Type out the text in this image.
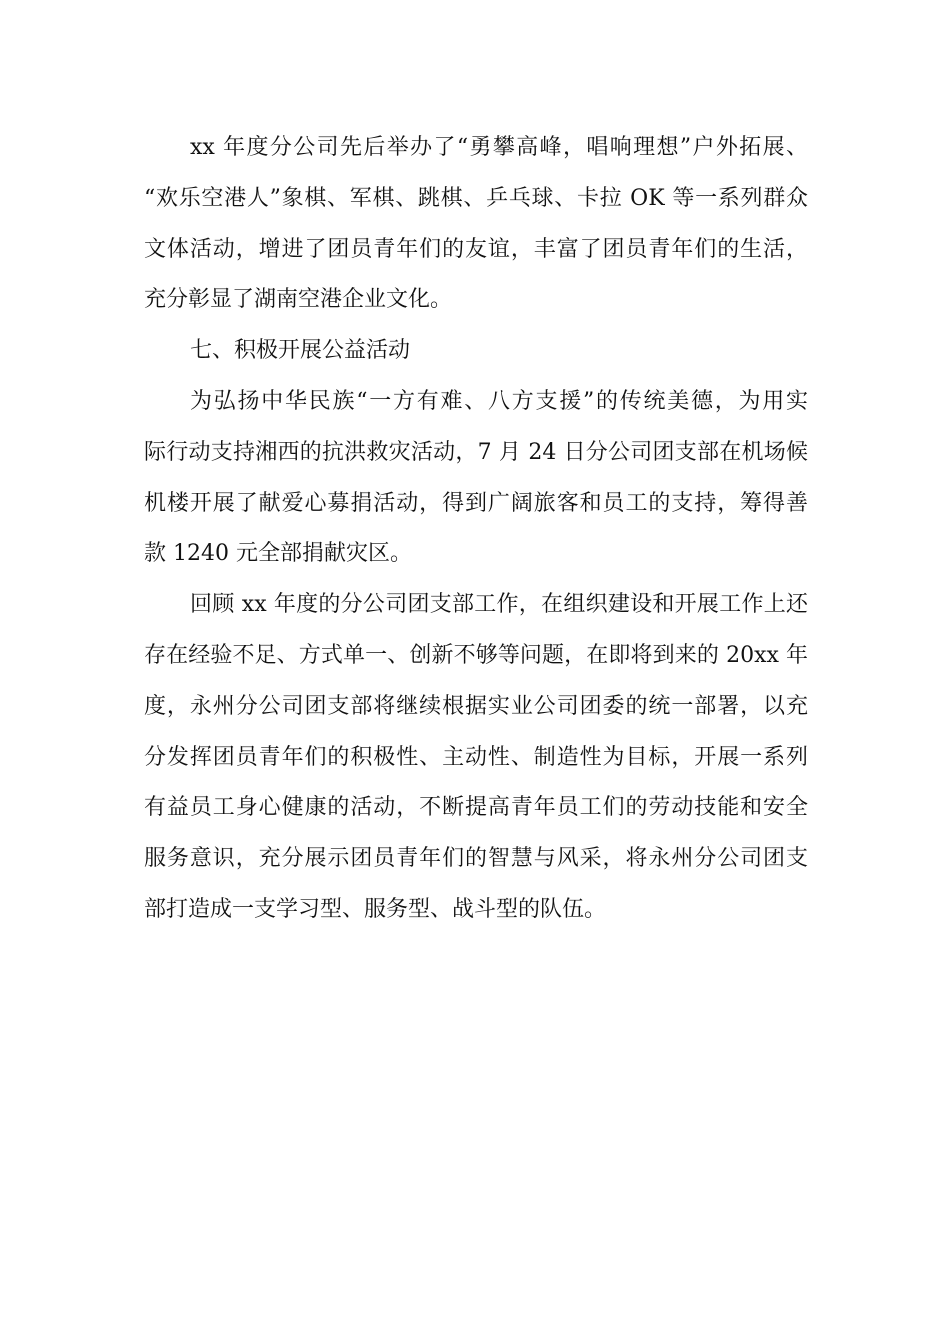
xx 年度分公司先后举办了“勇攀高峰，唱响理想”户外拓展、
“欢乐空港人”象棋、军棋、跳棋、乒乓球、卡拉 OK 等一系列群众
文体活动，增进了团员青年们的友谊，丰富了团员青年们的生活，
充分彰显了湖南空港企业文化。
七、积极开展公益活动
为弘扬中华民族“一方有难、八方支援”的传统美德，为用实
际行动支持湘西的抗洪救灾活动，7 月 24 日分公司团支部在机场候
机楼开展了献爱心募捐活动，得到广阔旅客和员工的支持，筹得善
款 1240 元全部捐献灾区。
回顾 xx 年度的分公司团支部工作，在组织建设和开展工作上还
存在经验不足、方式单一、创新不够等问题，在即将到来的 20xx 年
度，永州分公司团支部将继续根据实业公司团委的统一部署，以充
分发挥团员青年们的积极性、主动性、制造性为目标，开展一系列
有益员工身心健康的活动，不断提高青年员工们的劳动技能和安全
服务意识，充分展示团员青年们的智慧与风采，将永州分公司团支
部打造成一支学习型、服务型、战斗型的队伍。
